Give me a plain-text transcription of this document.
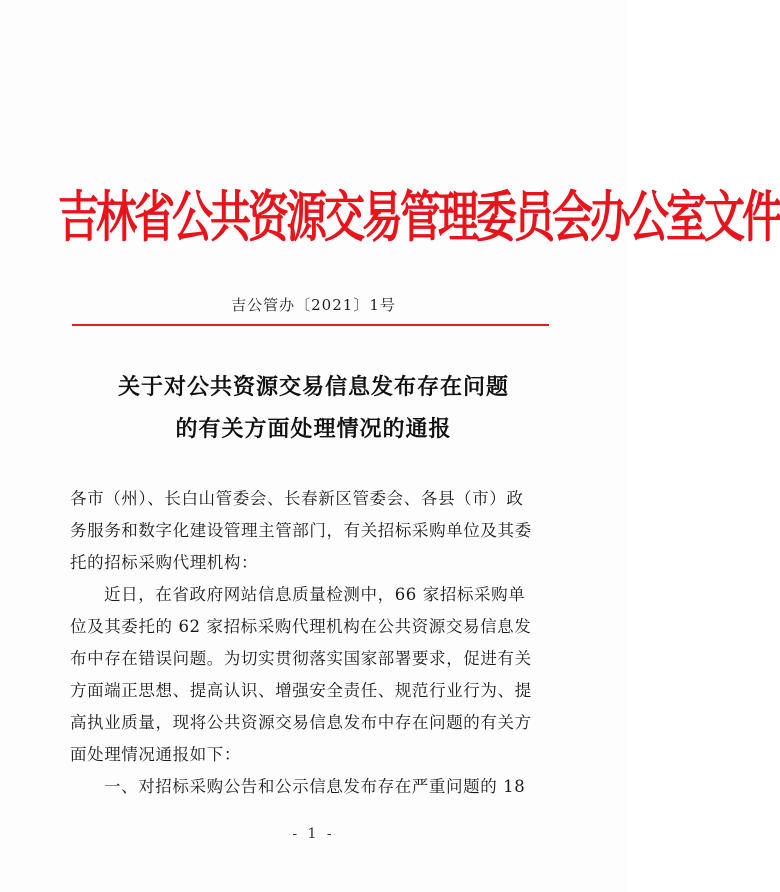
吉林省公共资源交易管理委员会办公室文件
吉公管办〔2021〕1号
关于对公共资源交易信息发布存在问题
的有关方面处理情况的通报
各市（州）、长白山管委会、长春新区管委会、各县（市）政
务服务和数字化建设管理主管部门，有关招标采购单位及其委
托的招标采购代理机构：
近日，在省政府网站信息质量检测中，66 家招标采购单
位及其委托的 62 家招标采购代理机构在公共资源交易信息发
布中存在错误问题。为切实贯彻落实国家部署要求，促进有关
方面端正思想、提高认识、增强安全责任、规范行业行为、提
高执业质量，现将公共资源交易信息发布中存在问题的有关方
面处理情况通报如下：
一、对招标采购公告和公示信息发布存在严重问题的 18
- 1 -
